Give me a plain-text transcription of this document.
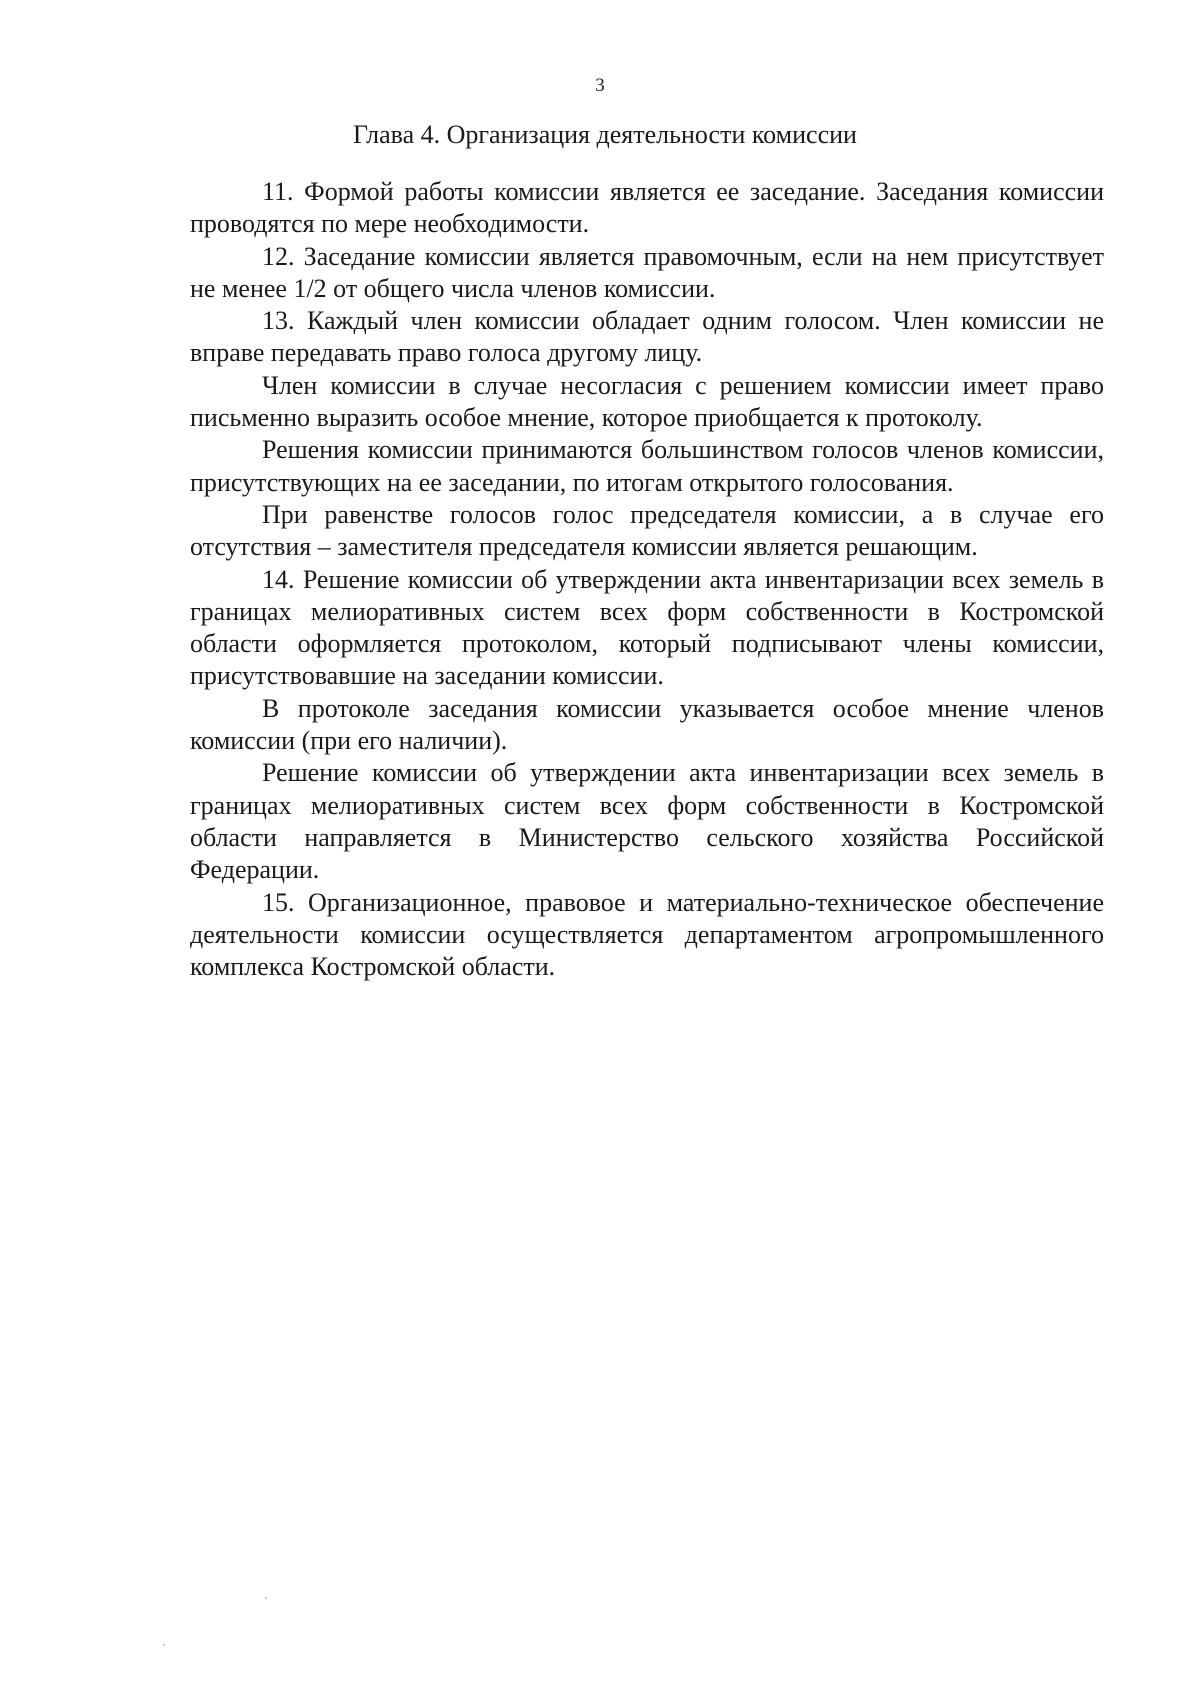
3
Глава 4. Организация деятельности комиссии

11. Формой работы комиссии является ее заседание. Заседания комиссии проводятся по мере необходимости.

12. Заседание комиссии является правомочным, если на нем присутствует не менее 1/2 от общего числа членов комиссии.

13. Каждый член комиссии обладает одним голосом. Член комиссии не вправе передавать право голоса другому лицу.

Член комиссии в случае несогласия с решением комиссии имеет право письменно выразить особое мнение, которое приобщается к протоколу.

Решения комиссии принимаются большинством голосов членов комиссии, присутствующих на ее заседании, по итогам открытого голосования.

При равенстве голосов голос председателя комиссии, а в случае его отсутствия – заместителя председателя комиссии является решающим.

14. Решение комиссии об утверждении акта инвентаризации всех земель в границах мелиоративных систем всех форм собственности в Костромской области оформляется протоколом, который подписывают члены комиссии, присутствовавшие на заседании комиссии.

В протоколе заседания комиссии указывается особое мнение членов комиссии (при его наличии).

Решение комиссии об утверждении акта инвентаризации всех земель в границах мелиоративных систем всех форм собственности в Костромской области направляется в Министерство сельского хозяйства Российской Федерации.

15. Организационное, правовое и материально-техническое обеспечение деятельности комиссии осуществляется департаментом агропромышленного комплекса Костромской области.
